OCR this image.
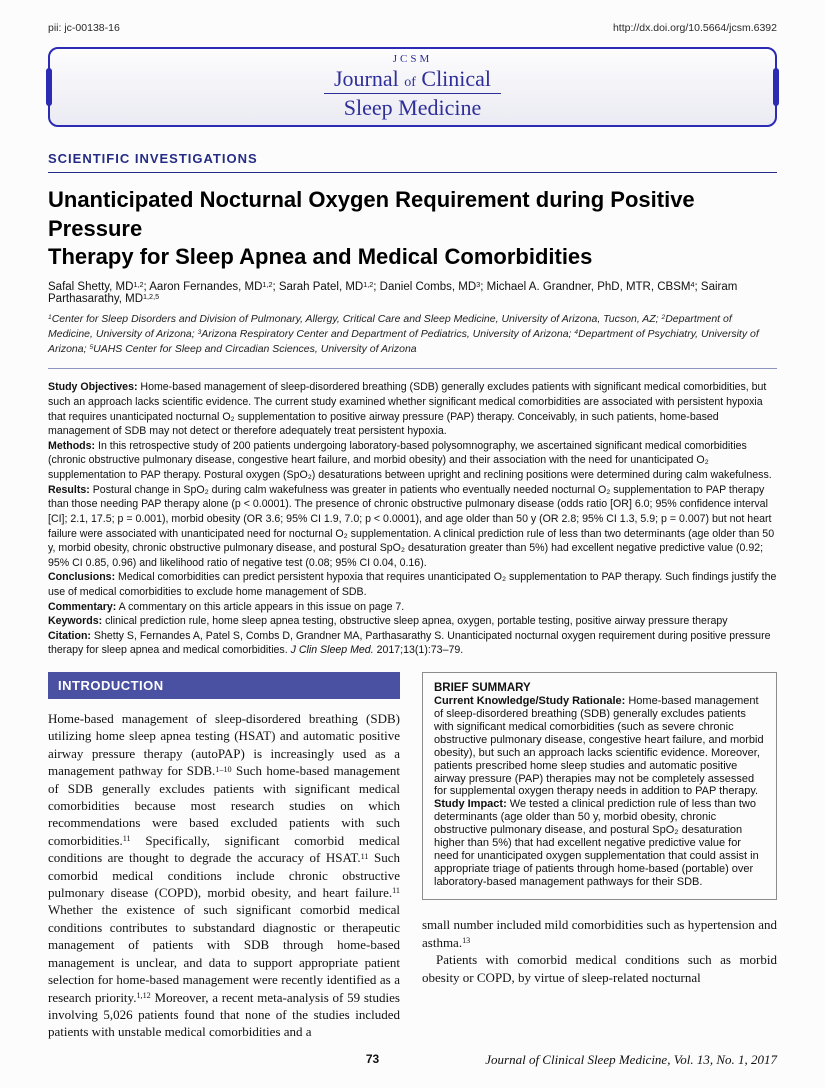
pii: jc-00138-16	http://dx.doi.org/10.5664/jcsm.6392
JCSM
Journal of Clinical
Sleep Medicine
SCIENTIFIC INVESTIGATIONS
Unanticipated Nocturnal Oxygen Requirement during Positive Pressure
Therapy for Sleep Apnea and Medical Comorbidities
Safal Shetty, MD$^{1,2}$; Aaron Fernandes, MD$^{1,2}$; Sarah Patel, MD$^{1,2}$; Daniel Combs, $MD^3$; Michael A. Grandner, PhD, MTR, CBSM$^4$; Sairam Parthasarathy, MD$^{1,2,5}$
$^1$Center for Sleep Disorders and Division of Pulmonary, Allergy, Critical Care and Sleep Medicine, University of Arizona, Tucson, AZ; $^2$Department of Medicine, University of Arizona; $^3$Arizona Respiratory Center and Department of Pediatrics, University of Arizona; $^4$Department of Psychiatry, University of Arizona; $^5$UAHS Center for Sleep and Circadian Sciences, University of Arizona

Study Objectives: Home-based management of sleep-disordered breathing (SDB) generally excludes patients with significant medical comorbidities, but such an approach lacks scientific evidence. The current study examined whether significant medical comorbidities are associated with persistent hypoxia that requires unanticipated nocturnal O₂ supplementation to positive airway pressure (PAP) therapy. Conceivably, in such patients, home-based management of SDB may not detect or therefore adequately treat persistent hypoxia.

Methods: In this retrospective study of 200 patients undergoing laboratory-based polysomnography, we ascertained significant medical comorbidities (chronic obstructive pulmonary disease, congestive heart failure, and morbid obesity) and their association with the need for unanticipated O₂ supplementation to PAP therapy. Postural oxygen (SpO₂) desaturations between upright and reclining positions were determined during calm wakefulness.

Results: Postural change in SpO₂ during calm wakefulness was greater in patients who eventually needed nocturnal O₂ supplementation to PAP therapy than those needing PAP therapy alone (p < 0.0001). The presence of chronic obstructive pulmonary disease (odds ratio [OR] 6.0; 95% confidence interval [CI]; 2.1, 17.5; p = 0.001), morbid obesity (OR 3.6; 95% CI 1.9, 7.0; p < 0.0001), and age older than 50 y (OR 2.8; 95% CI 1.3, 5.9; p = 0.007) but not heart failure were associated with unanticipated need for nocturnal O₂ supplementation. A clinical prediction rule of less than two determinants (age older than 50 y, morbid obesity, chronic obstructive pulmonary disease, and postural SpO₂ desaturation greater than 5%) had excellent negative predictive value (0.92; 95% CI 0.85, 0.96) and likelihood ratio of negative test (0.08; 95% CI 0.04, 0.16).

Conclusions: Medical comorbidities can predict persistent hypoxia that requires unanticipated O₂ supplementation to PAP therapy. Such findings justify the use of medical comorbidities to exclude home management of SDB.

Commentary: A commentary on this article appears in this issue on page 7.

Keywords: clinical prediction rule, home sleep apnea testing, obstructive sleep apnea, oxygen, portable testing, positive airway pressure therapy

Citation: Shetty S, Fernandes A, Patel S, Combs D, Grandner MA, Parthasarathy S. Unanticipated nocturnal oxygen requirement during positive pressure therapy for sleep apnea and medical comorbidities. J Clin Sleep Med. 2017;13(1):73–79.

INTRODUCTION

Home-based management of sleep-disordered breathing (SDB) utilizing home sleep apnea testing (HSAT) and automatic positive airway pressure therapy (autoPAP) is increasingly used as a management pathway for SDB.$^{1-10}$ Such home-based management of SDB generally excludes patients with significant medical comorbidities because most research studies on which recommendations were based excluded patients with such comorbidities.$^{11}$ Specifically, significant comorbid medical conditions are thought to degrade the accuracy of HSAT.$^{11}$ Such comorbid medical conditions include chronic obstructive pulmonary disease (COPD), morbid obesity, and heart failure.$^{11}$ Whether the existence of such significant comorbid medical conditions contributes to substandard diagnostic or therapeutic management of patients with SDB through home-based management is unclear, and data to support appropriate patient selection for home-based management were recently identified as a research priority.$^{1,12}$ Moreover, a recent meta-analysis of 59 studies involving 5,026 patients found that none of the studies included patients with unstable medical comorbidities and a

BRIEF SUMMARY

Current Knowledge/Study Rationale: Home-based management of sleep-disordered breathing (SDB) generally excludes patients with significant medical comorbidities (such as severe chronic obstructive pulmonary disease, congestive heart failure, and morbid obesity), but such an approach lacks scientific evidence. Moreover, patients prescribed home sleep studies and automatic positive airway pressure (PAP) therapies may not be completely assessed for supplemental oxygen therapy needs in addition to PAP therapy.

Study Impact: We tested a clinical prediction rule of less than two determinants (age older than 50 y, morbid obesity, chronic obstructive pulmonary disease, and postural SpO₂ desaturation higher than 5%) that had excellent negative predictive value for need for unanticipated oxygen supplementation that could assist in appropriate triage of patients through home-based (portable) over laboratory-based management pathways for their SDB.

small number included mild comorbidities such as hypertension and asthma.$^{13}$

Patients with comorbid medical conditions such as morbid obesity or COPD, by virtue of sleep-related nocturnal

73	Journal of Clinical Sleep Medicine, Vol. 13, No. 1, 2017
